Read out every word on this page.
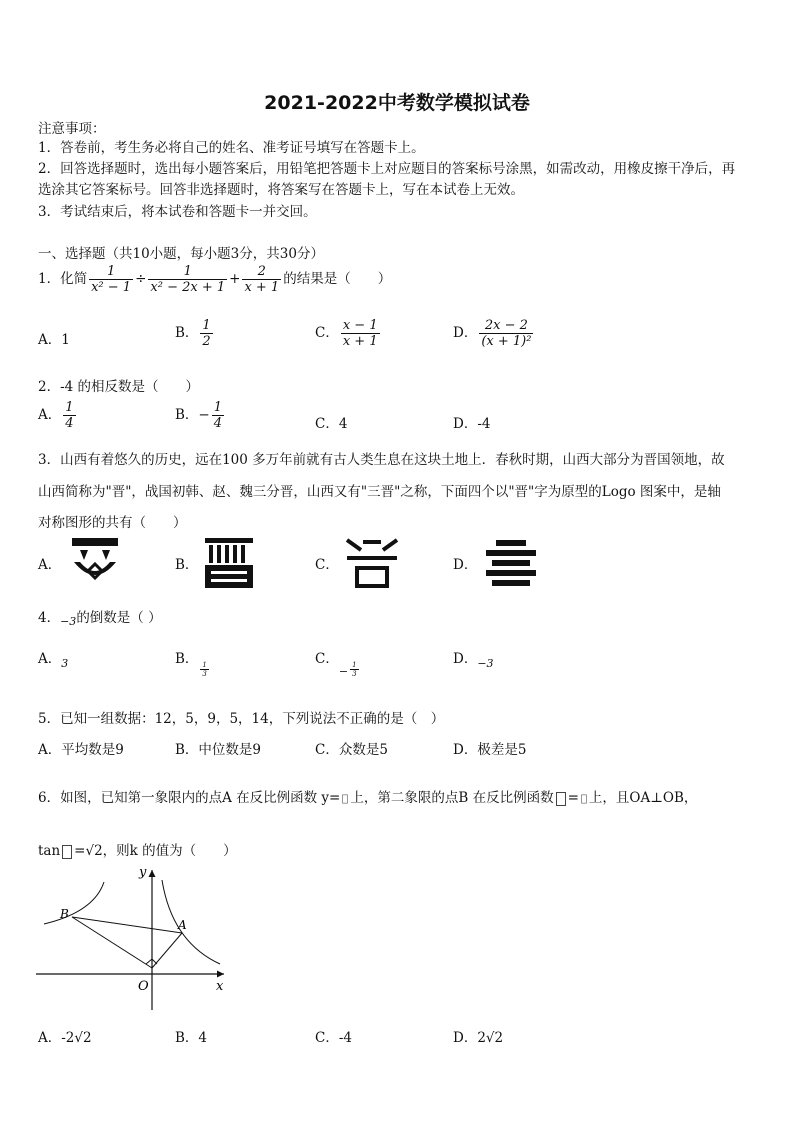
2021-2022中考数学模拟试卷
注意事项：
1．答卷前，考生务必将自己的姓名、准考证号填写在答题卡上。
2．回答选择题时，选出每小题答案后，用铅笔把答题卡上对应题目的答案标号涂黑，如需改动，用橡皮擦干净后，再
选涂其它答案标号。回答非选择题时，将答案写在答题卡上，写在本试卷上无效。
3．考试结束后，将本试卷和答题卡一并交回。
一、选择题（共10小题，每小题3分，共30分）
1．化简 $\frac{1}{\text{x² − 1}} \div \frac{1}{\text{x² − 2x + 1}} + \frac{2}{x + 1}$ 的结果是（　　）
A．1	B． $\frac{1}{2}$	C． $\frac{x - 1}{x + 1}$	D． $\frac{2x - 2}{\text{(x + 1)²}}$
2．-4 的相反数是（　　）
A． $\frac{1}{4}$	B．− $\frac{1}{4}$	C．4	D．-4
3．山西有着悠久的历史，远在100 多万年前就有古人类生息在这块土地上．春秋时期，山西大部分为晋国领地，故
山西简称为"晋"，战国初韩、赵、魏三分晋，山西又有"三晋"之称，下面四个以"晋"字为原型的Logo 图案中，是轴
对称图形的共有（　　）
A．	B．	C．	D．
4．$_{-3}$的倒数是（ ）
A．$_3$	B．
$\frac{1}{3}$
C．$_- \frac{1}{3}$
D．$_{-3}$
5．已知一组数据：12，5，9，5，14，下列说法不正确的是（　）
A．平均数是9	B．中位数是9	C．众数是5	D．极差是5
6．如图，已知第一象限内的点A 在反比例函数 y= 上，第二象限的点B 在反比例函数 = 上，且OA⊥OB，
tan =√2，则k 的值为（　　）
y
x
O
A
B
A．-2√2	B．4	C．-4	D．2√2
